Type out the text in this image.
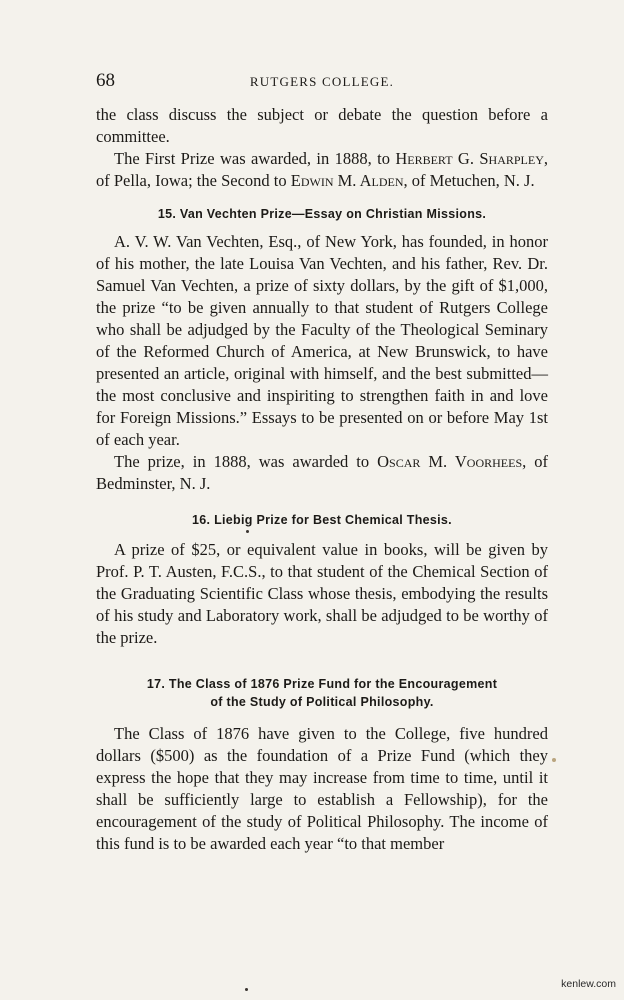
68	RUTGERS COLLEGE.

the class discuss the subject or debate the question before a committee.

The First Prize was awarded, in 1888, to Herbert G. Sharpley, of Pella, Iowa; the Second to Edwin M. Alden, of Metuchen, N. J.

15. Van Vechten Prize—Essay on Christian Missions.

A. V. W. Van Vechten, Esq., of New York, has founded, in honor of his mother, the late Louisa Van Vechten, and his father, Rev. Dr. Samuel Van Vechten, a prize of sixty dollars, by the gift of $1,000, the prize “to be given annually to that student of Rutgers College who shall be adjudged by the Faculty of the Theological Seminary of the Reformed Church of America, at New Brunswick, to have presented an article, original with himself, and the best submitted—the most conclusive and inspiriting to strengthen faith in and love for Foreign Missions.” Essays to be presented on or before May 1st of each year.

The prize, in 1888, was awarded to Oscar M. Voorhees, of Bedminster, N. J.

16. Liebig Prize for Best Chemical Thesis.

A prize of $25, or equivalent value in books, will be given by Prof. P. T. Austen, F.C.S., to that student of the Chemical Section of the Graduating Scientific Class whose thesis, embodying the results of his study and Laboratory work, shall be adjudged to be worthy of the prize.

17. The Class of 1876 Prize Fund for the Encouragement
of the Study of Political Philosophy.

The Class of 1876 have given to the College, five hundred dollars ($500) as the foundation of a Prize Fund (which they express the hope that they may increase from time to time, until it shall be sufficiently large to establish a Fellowship), for the encouragement of the study of Political Philosophy. The income of this fund is to be awarded each year “to that member

kenlew.com
